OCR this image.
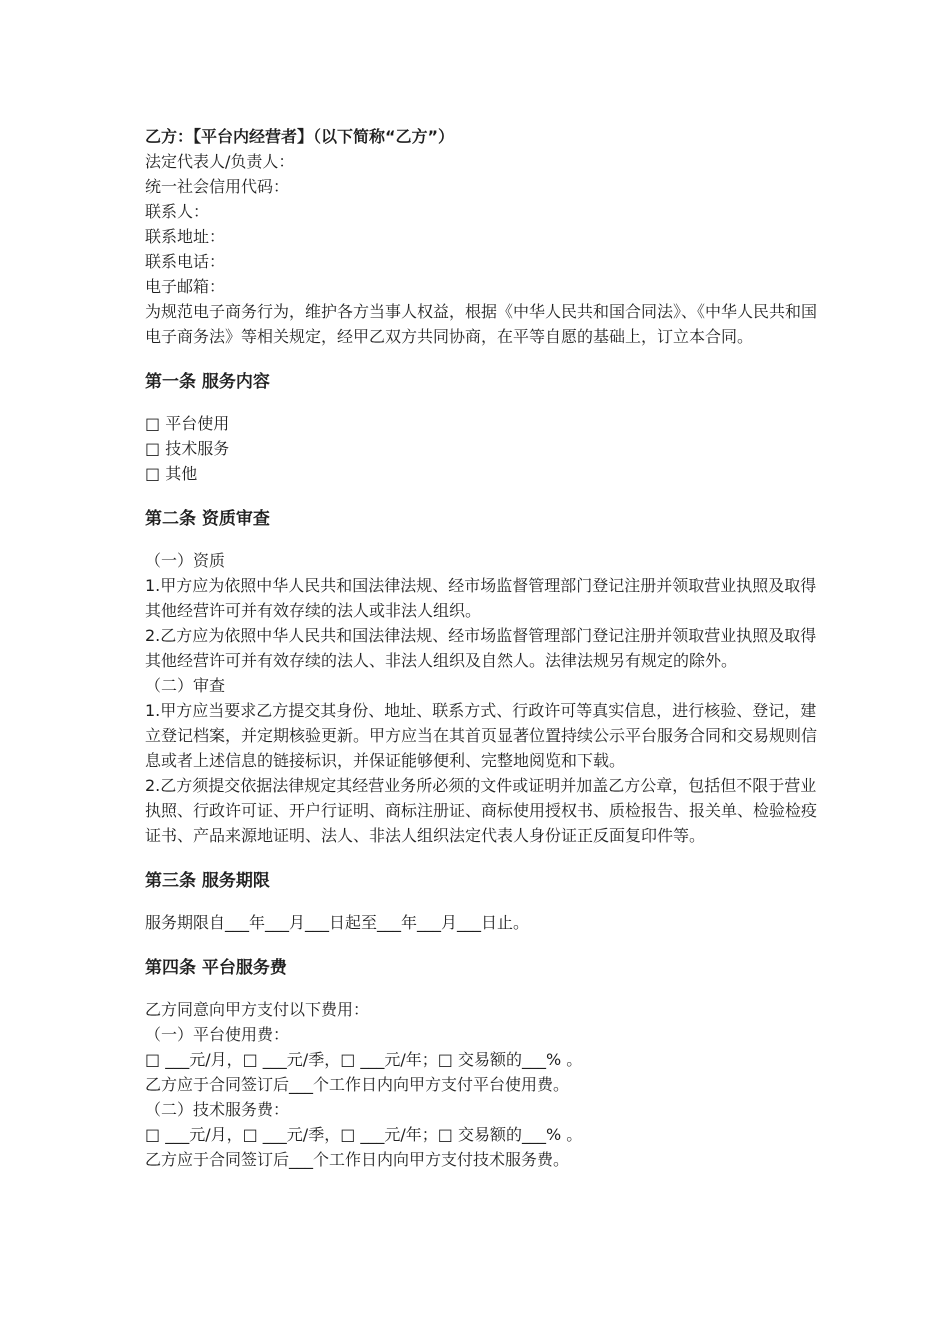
乙方：【平台内经营者】（以下简称“乙方”）
法定代表人/负责人：
统一社会信用代码：
联系人：
联系地址：
联系电话：
电子邮箱：
为规范电子商务行为，维护各方当事人权益，根据《中华人民共和国合同法》、《中华人民共和国电子商务法》等相关规定，经甲乙双方共同协商，在平等自愿的基础上，订立本合同。
第一条 服务内容
□ 平台使用
□ 技术服务
□ 其他
第二条 资质审查
（一）资质
1.甲方应为依照中华人民共和国法律法规、经市场监督管理部门登记注册并领取营业执照及取得其他经营许可并有效存续的法人或非法人组织。
2.乙方应为依照中华人民共和国法律法规、经市场监督管理部门登记注册并领取营业执照及取得其他经营许可并有效存续的法人、非法人组织及自然人。法律法规另有规定的除外。
（二）审查
1.甲方应当要求乙方提交其身份、地址、联系方式、行政许可等真实信息，进行核验、登记，建立登记档案，并定期核验更新。甲方应当在其首页显著位置持续公示平台服务合同和交易规则信息或者上述信息的链接标识，并保证能够便利、完整地阅览和下载。
2.乙方须提交依据法律规定其经营业务所必须的文件或证明并加盖乙方公章，包括但不限于营业执照、行政许可证、开户行证明、商标注册证、商标使用授权书、质检报告、报关单、检验检疫证书、产品来源地证明、法人、非法人组织法定代表人身份证正反面复印件等。
第三条 服务期限
服务期限自___年___月___日起至___年___月___日止。
第四条 平台服务费
乙方同意向甲方支付以下费用：
（一）平台使用费：
□ ___元/月，□ ___元/季，□ ___元/年；□ 交易额的___% 。
乙方应于合同签订后___个工作日内向甲方支付平台使用费。
（二）技术服务费：
□ ___元/月，□ ___元/季，□ ___元/年；□ 交易额的___% 。
乙方应于合同签订后___个工作日内向甲方支付技术服务费。
